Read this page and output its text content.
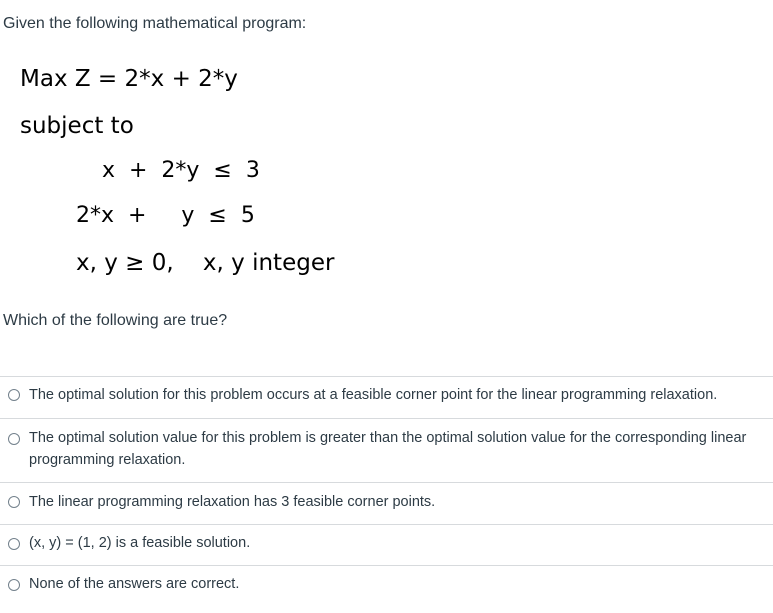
Given the following mathematical program:
Max Z = 2*x + 2*y
subject to
x  +  2*y  ≤  3
2*x  +     y  ≤  5
x, y ≥ 0,    x, y integer
Which of the following are true?
The optimal solution for this problem occurs at a feasible corner point for the linear programming relaxation.
The optimal solution value for this problem is greater than the optimal solution value for the corresponding linear programming relaxation.
The linear programming relaxation has 3 feasible corner points.
(x, y) = (1, 2) is a feasible solution.
None of the answers are correct.
